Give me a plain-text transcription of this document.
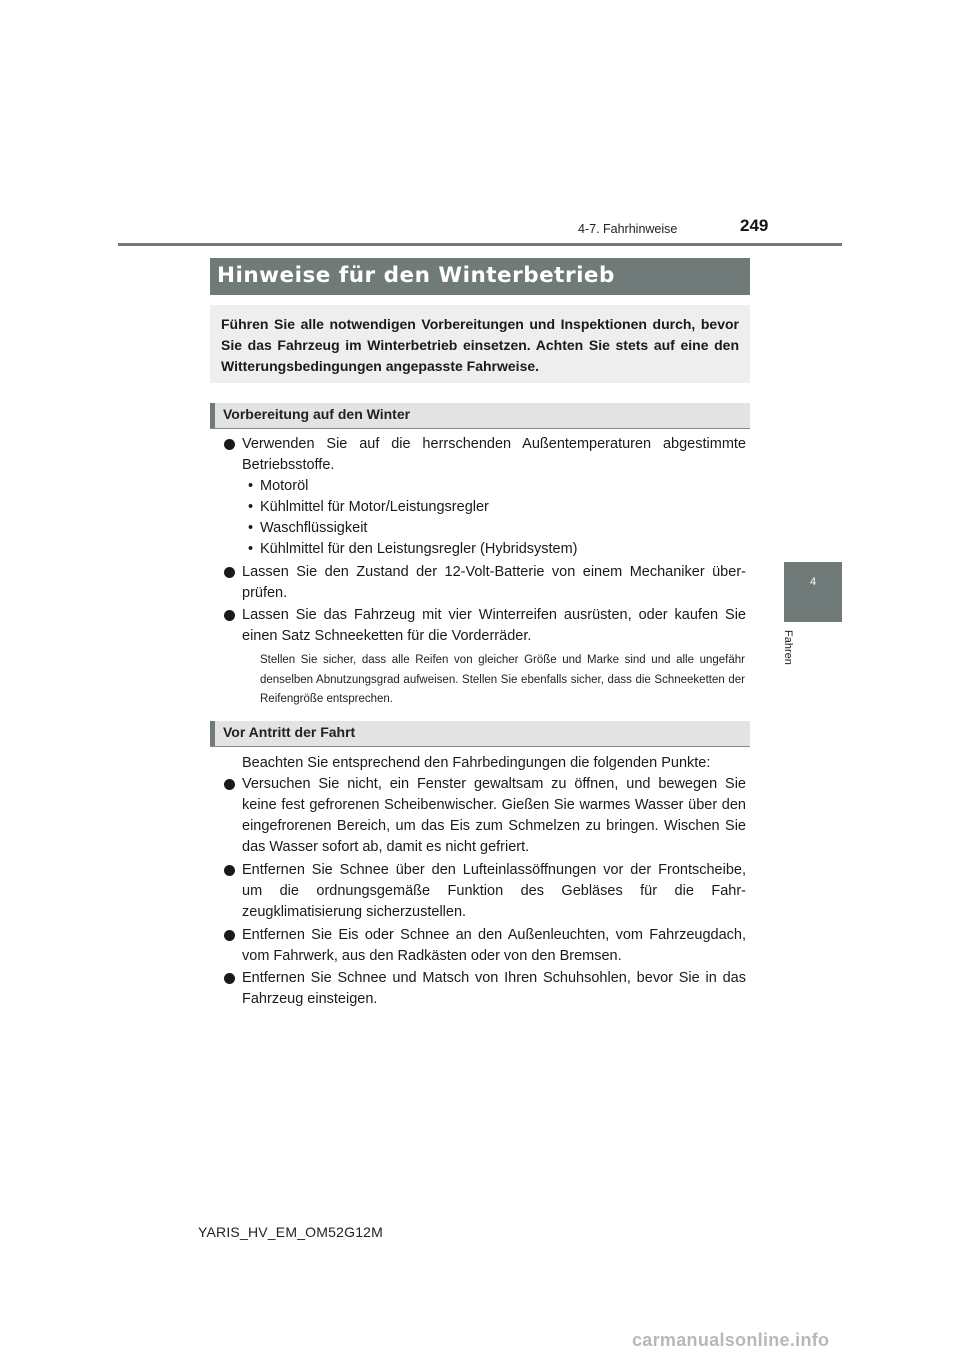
4-7. Fahrhinweise	249
4
Fahren
Hinweise für den Winterbetrieb
Führen Sie alle notwendigen Vorbereitungen und Inspektionen durch, bevor Sie das Fahrzeug im Winterbetrieb einsetzen. Achten Sie stets auf eine den Witterungsbedingungen angepasste Fahrweise.
Vorbereitung auf den Winter
Verwenden Sie auf die herrschenden Außentemperaturen abgestimmte Betriebsstoffe.
• Motoröl
• Kühlmittel für Motor/Leistungsregler
• Waschflüssigkeit
• Kühlmittel für den Leistungsregler (Hybridsystem)
Lassen Sie den Zustand der 12-Volt-Batterie von einem Mechaniker überprüfen.
Lassen Sie das Fahrzeug mit vier Winterreifen ausrüsten, oder kaufen Sie einen Satz Schneeketten für die Vorderräder.
Stellen Sie sicher, dass alle Reifen von gleicher Größe und Marke sind und alle ungefähr denselben Abnutzungsgrad aufweisen. Stellen Sie ebenfalls sicher, dass die Schneeketten der Reifengröße entsprechen.
Vor Antritt der Fahrt
Beachten Sie entsprechend den Fahrbedingungen die folgenden Punkte:
Versuchen Sie nicht, ein Fenster gewaltsam zu öffnen, und bewegen Sie keine fest gefrorenen Scheibenwischer. Gießen Sie warmes Wasser über den eingefrorenen Bereich, um das Eis zum Schmelzen zu bringen. Wischen Sie das Wasser sofort ab, damit es nicht gefriert.
Entfernen Sie Schnee über den Lufteinlassöffnungen vor der Frontscheibe, um die ordnungsgemäße Funktion des Gebläses für die Fahrzeugklimatisierung sicherzustellen.
Entfernen Sie Eis oder Schnee an den Außenleuchten, vom Fahrzeugdach, vom Fahrwerk, aus den Radkästen oder von den Bremsen.
Entfernen Sie Schnee und Matsch von Ihren Schuhsohlen, bevor Sie in das Fahrzeug einsteigen.
YARIS_HV_EM_OM52G12M
carmanualsonline.info
